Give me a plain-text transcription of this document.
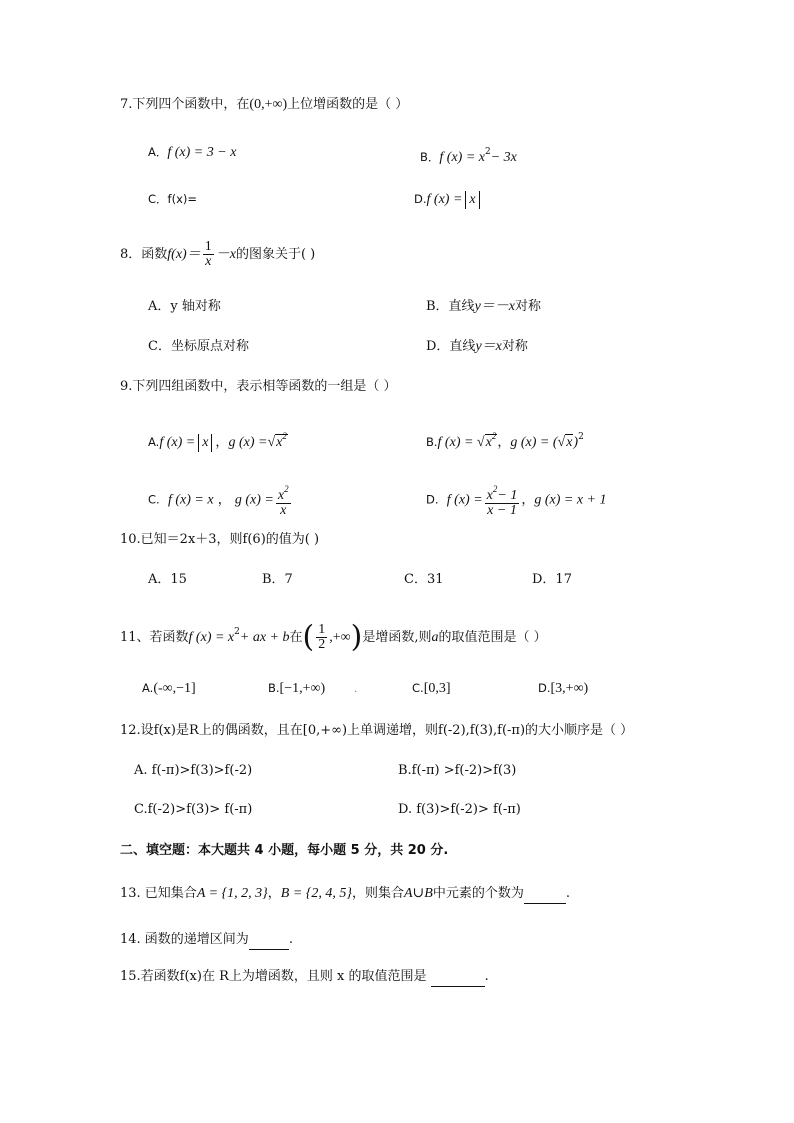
7.下列四个函数中，在(0,+∞)上位增函数的是（ ）
A．f (x) = 3 − x	B．f $(x) = x^2- 3x$
C．f(x)=	D.f (x) = x
8．函数$f(x)= \frac{1}{x} -x$的图象关于( )
A．y 轴对称	B．直线y＝－x对称
C．坐标原点对称	D．直线y＝x对称
9.下列四组函数中，表示相等函数的一组是（ ）
A.f (x) = x ，g $(x) =√x^2$	B.f $(x) = √x^2$，g $(x) = (√x)^2$
C. f (x) = x ， g $(x) = \frac{x^2}{x}$	D. f $(x) = \frac{x^2- 1}{x - 1}$ ，g (x) = x + 1
10.已知＝2x＋3，则f(6)的值为( )
A．15	B．7	C．31	D．17
11、若函数f $(x) = x^2+$ ax + b在( $\frac{1}{2}$ ,+∞)是增函数,则a的取值范围是（ ）
A.(-∞,−1]	B.[−1,+∞)	.	C.[0,3]	D.[3,+∞)
12.设f(x)是R上的偶函数，且在[0,+∞)上单调递增，则f(-2),f(3),f(-π)的大小顺序是（ ）
A. f(-π)>f(3)>f(-2)	B.f(-π) >f(-2)>f(3)
C.f(-2)>f(3)> f(-π)	D. f(3)>f(-2)> f(-π)
二、填空题：本大题共 4 小题，每小题 5 分，共 20 分.
13. 已知集合A = {1, 2, 3}，B = {2, 4, 5}，则集合A∪B中元素的个数为	.
14. 函数的递增区间为	.
15.若函数f(x)在 R上为增函数，且则 x 的取值范围是	.
